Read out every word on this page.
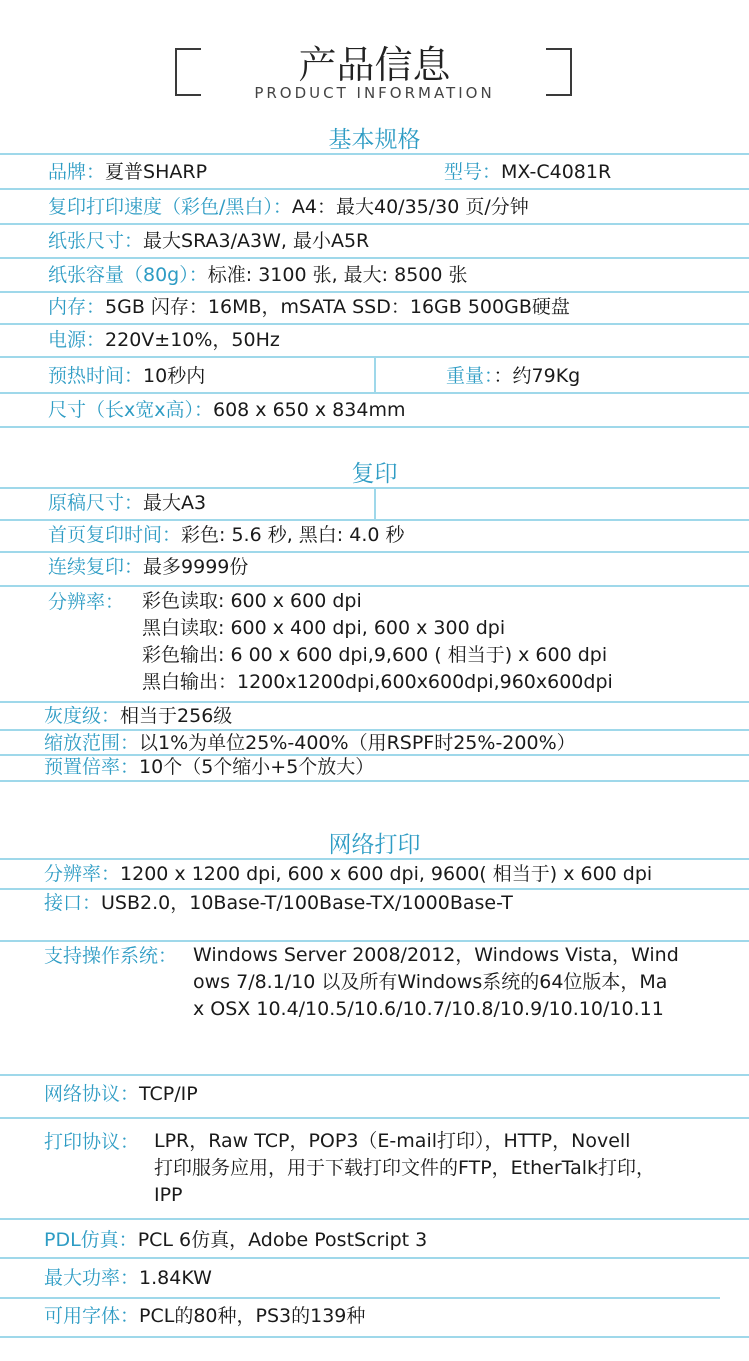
产品信息
PRODUCT INFORMATION
基本规格
品牌：夏普SHARP	型号：MX-C4081R
复印打印速度（彩色/黑白）：A4：最大40/35/30 页/分钟
纸张尺寸：最大SRA3/A3W, 最小A5R
纸张容量（80g）：标准: 3100 张, 最大: 8500 张
内存：5GB 闪存：16MB，mSATA SSD：16GB 500GB硬盘
电源：220V±10%，50Hz
预热时间：10秒内	重量：：约79Kg
尺寸（长x宽x高）：608 x 650 x 834mm
复印
原稿尺寸：最大A3
首页复印时间：彩色: 5.6 秒, 黑白: 4.0 秒
连续复印：最多9999份
分辨率： 彩色读取: 600 x 600 dpi
黑白读取: 600 x 400 dpi, 600 x 300 dpi
彩色输出: 6 00 x 600 dpi,9,600 ( 相当于) x 600 dpi
黑白输出：1200x1200dpi,600x600dpi,960x600dpi
灰度级：相当于256级
缩放范围：以1%为单位25%-400%（用RSPF时25%-200%）
预置倍率：10个（5个缩小+5个放大）
网络打印
分辨率：1200 x 1200 dpi, 600 x 600 dpi, 9600( 相当于) x 600 dpi
接口：USB2.0，10Base-T/100Base-TX/1000Base-T
支持操作系统： Windows Server 2008/2012，Windows Vista，Wind
ows 7/8.1/10 以及所有Windows系统的64位版本，Ma
x OSX 10.4/10.5/10.6/10.7/10.8/10.9/10.10/10.11
网络协议：TCP/IP
打印协议： LPR，Raw TCP，POP3（E-mail打印），HTTP，Novell
打印服务应用，用于下载打印文件的FTP，EtherTalk打印，
IPP
PDL仿真：PCL 6仿真，Adobe PostScript 3
最大功率：1.84KW
可用字体：PCL的80种，PS3的139种
